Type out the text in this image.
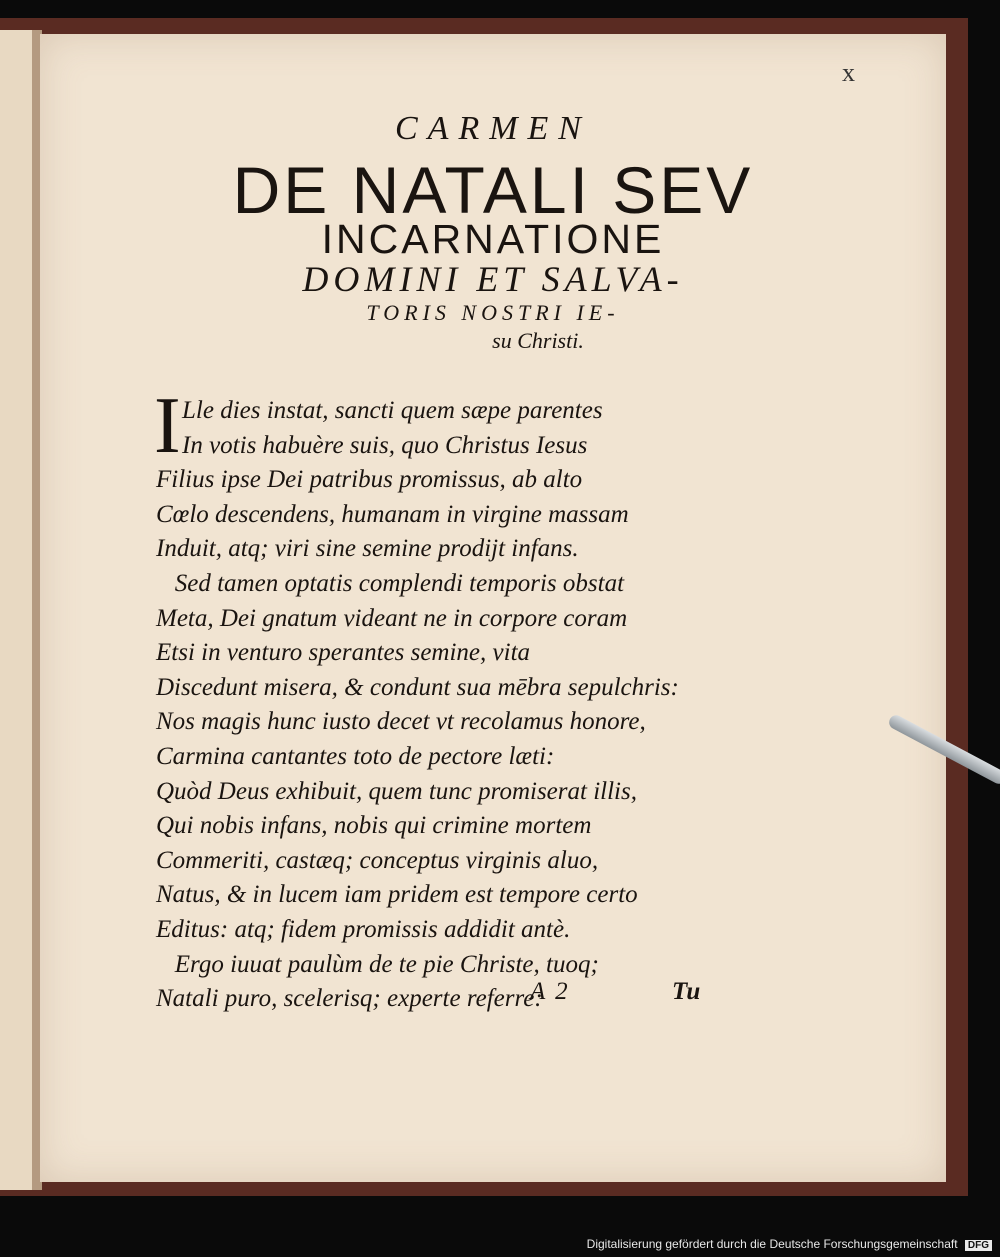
x
CARMEN
DE NATALI SEV
INCARNATIONE
DOMINI ET SALVA-
TORIS NOSTRI IE-
su Christi.
I Lle dies instat, sancti quem sæpe parentes
In votis habuère suis, quo Christus Iesus
Filius ipse Dei patribus promissus, ab alto
Cœlo descendens, humanam in virgine massam
Induit, atq; viri sine semine prodijt infans.
Sed tamen optatis complendi temporis obstat
Meta, Dei gnatum videant ne in corpore coram
Etsi in venturo sperantes semine, vita
Discedunt misera, & condunt sua mēbra sepulchris:
Nos magis hunc iusto decet vt recolamus honore,
Carmina cantantes toto de pectore læti:
Quòd Deus exhibuit, quem tunc promiserat illis,
Qui nobis infans, nobis qui crimine mortem
Commeriti, castæq; conceptus virginis aluo,
Natus, & in lucem iam pridem est tempore certo
Editus: atq; fidem promissis addidit antè.
Ergo iuuat paulùm de te pie Christe, tuoq;
Natali puro, scelerisq; experte referre:
A 2	Tu
Digitalisierung gefördert durch die Deutsche Forschungsgemeinschaft DFG
